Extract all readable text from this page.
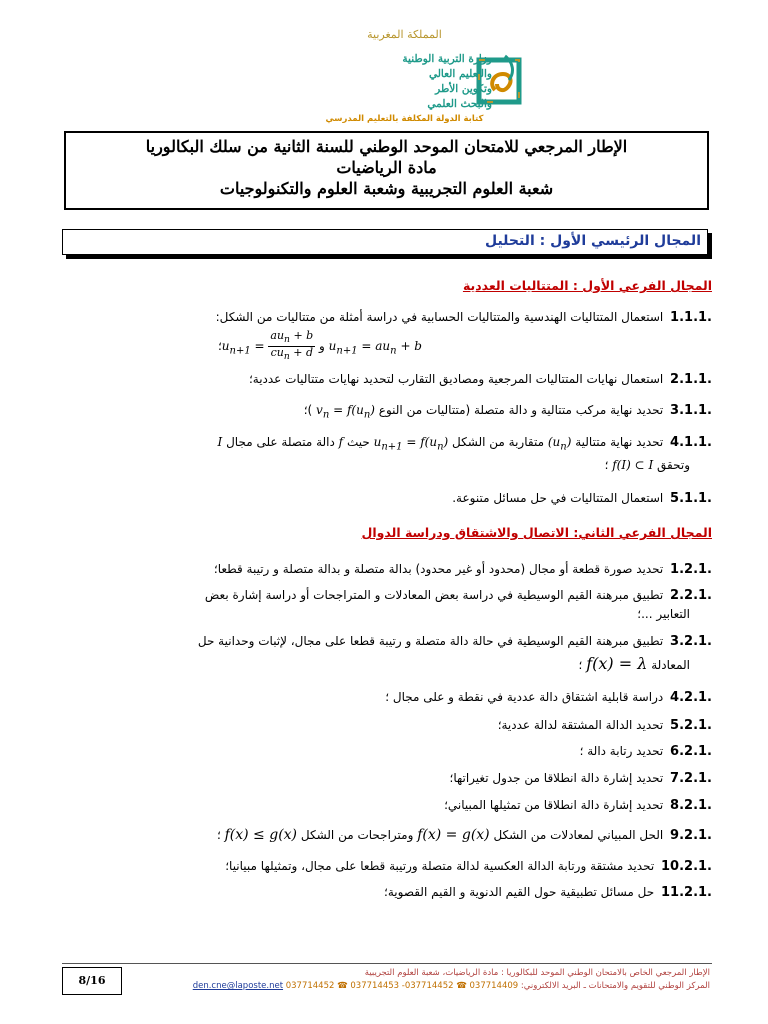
المملكة المغربية
وزارة التربية الوطنية
والتعليم العالي
وتكوين الأطر
والبحث العلمي
كتابة الدولة المكلفة بالتعليم المدرسي
الإطار المرجعي للامتحان الموحد الوطني للسنة الثانية من سلك البكالوريا
مادة الرياضيات
شعبة العلوم التجريبية وشعبة العلوم والتكنولوجيات
المجال الرئيسي الأول : التحليل
المجال الفرعي الأول : المتتاليات العددية
1.1.1. استعمال المتتاليات الهندسية والمتتاليات الحسابية في دراسة أمثلة من متتاليات من الشكل:
$u_{n+1} = au_n + b$ و $u_{n+1} = \frac{au_n + b}{cu_n + d}$
؛
2.1.1. استعمال نهايات المتتاليات المرجعية ومصاديق التقارب لتحديد نهايات متتاليات عددية؛
3.1.1. تحديد نهاية مركب متتالية و دالة متصلة (متتاليات من النوع $v_n = f(u_n)$ )؛
4.1.1. تحديد نهاية متتالية $(u_n)$ متقاربة من الشكل $u_{n+1} = f(u_n)$ حيث f دالة متصلة على مجال I
وتحقق f(I) ⊂ I ؛
5.1.1. استعمال المتتاليات في حل مسائل متنوعة.
المجال الفرعي الثاني: الاتصال والاشتقاق ودراسة الدوال
1.2.1. تحديد صورة قطعة أو مجال (محدود أو غير محدود) بدالة متصلة و بدالة متصلة و رتيبة قطعا؛
2.2.1. تطبيق مبرهنة القيم الوسيطية في دراسة بعض المعادلات و المتراجحات أو دراسة إشارة بعض
التعابير ...؛
3.2.1. تطبيق مبرهنة القيم الوسيطية في حالة دالة متصلة و رتيبة قطعا على مجال، لإثبات وحدانية حل
المعادلة f(x) = λ ؛
4.2.1. دراسة قابلية اشتقاق دالة عددية في نقطة و على مجال ؛
5.2.1. تحديد الدالة المشتقة لدالة عددية؛
6.2.1. تحديد رتابة دالة ؛
7.2.1. تحديد إشارة دالة انطلاقا من جدول تغيراتها؛
8.2.1. تحديد إشارة دالة انطلاقا من تمثيلها المبياني؛
9.2.1. الحل المبياني لمعادلات من الشكل f(x) = g(x) ومتراجحات من الشكل f(x) ≤ g(x) ؛
10.2.1. تحديد مشتقة ورتابة الدالة العكسية لدالة متصلة ورتيبة قطعا على مجال، وتمثيلها مبيانيا؛
11.2.1. حل مسائل تطبيقية حول القيم الدنوية و القيم القصوية؛
8/16
الإطار المرجعي الخاص بالامتحان الوطني الموحد للبكالوريا : مادة الرياضيات، شعبة العلوم التجريبية
المركز الوطني للتقويم والامتحانات ـ البريد الالكتروني: den.cne@laposte.net 037714452 ☎ 037714453 -037714452 ☎ 037714409
